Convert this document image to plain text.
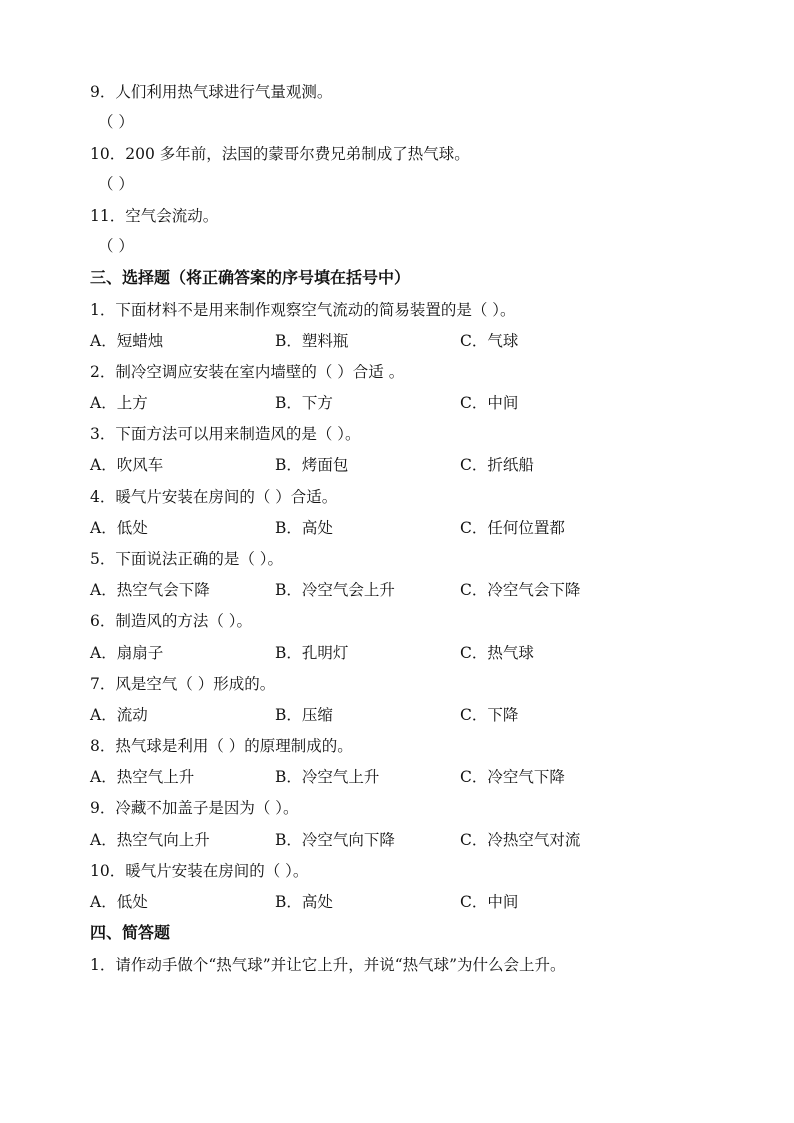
9．人们利用热气球进行气量观测。
（ ）
10．200 多年前，法国的蒙哥尔费兄弟制成了热气球。
（ ）
11．空气会流动。
（ ）
三、选择题（将正确答案的序号填在括号中）
1．下面材料不是用来制作观察空气流动的简易装置的是（ ）。
A．短蜡烛	B．塑料瓶	C．气球
2．制冷空调应安装在室内墙壁的（ ）合适 。
A．上方	B．下方	C．中间
3．下面方法可以用来制造风的是（ ）。
A．吹风车	B．烤面包	C．折纸船
4．暖气片安装在房间的（ ）合适。
A．低处	B．高处	C．任何位置都
5．下面说法正确的是（ ）。
A．热空气会下降	B．冷空气会上升	C．冷空气会下降
6．制造风的方法（ ）。
A．扇扇子	B．孔明灯	C．热气球
7．风是空气（ ）形成的。
A．流动	B．压缩	C．下降
8．热气球是利用（ ）的原理制成的。
A．热空气上升	B．冷空气上升	C．冷空气下降
9．冷藏不加盖子是因为（ ）。
A．热空气向上升	B．冷空气向下降	C．冷热空气对流
10．暖气片安装在房间的（ ）。
A．低处	B．高处	C．中间
四、简答题
1．请作动手做个“热气球”并让它上升，并说“热气球”为什么会上升。
